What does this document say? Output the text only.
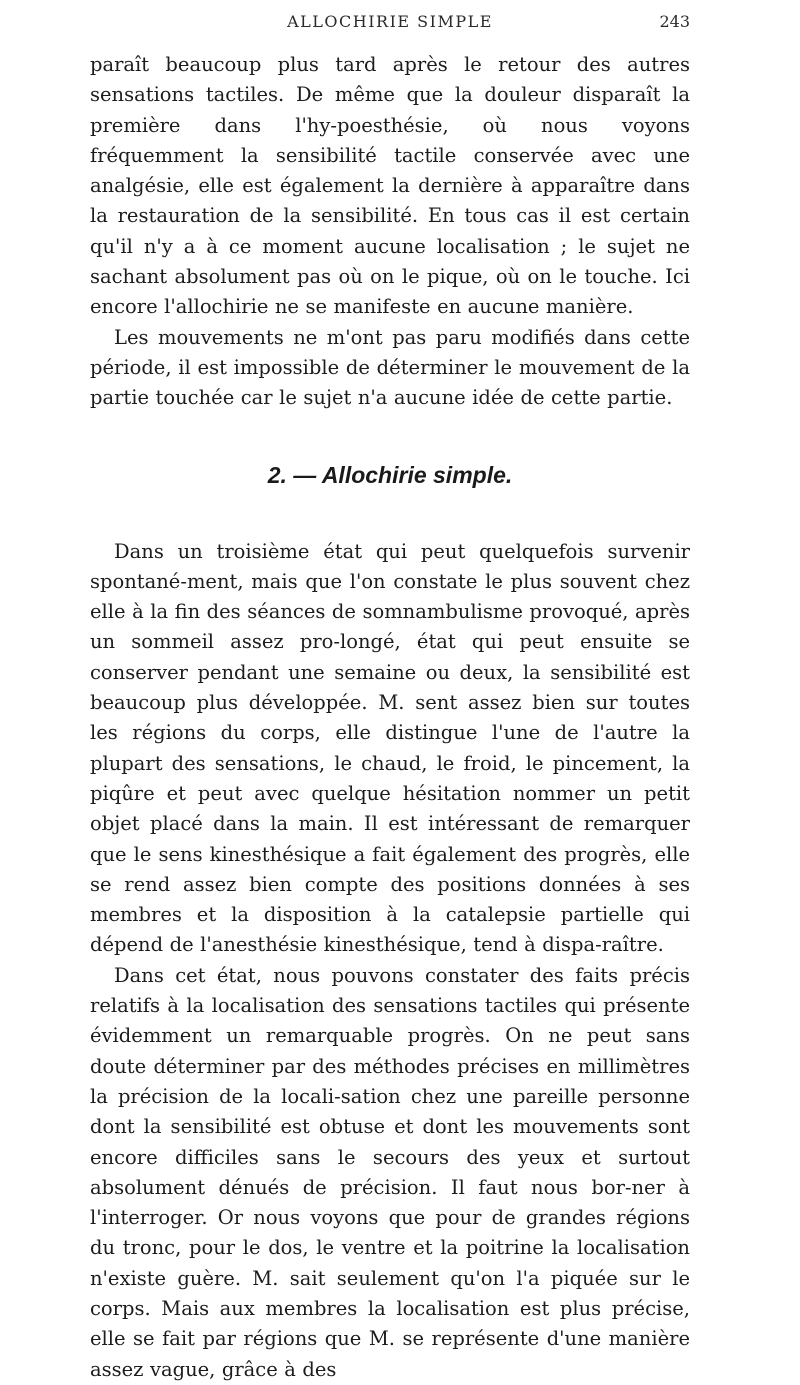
ALLOCHIRIE SIMPLE	243

paraît beaucoup plus tard après le retour des autres sensations tactiles. De même que la douleur disparaît la première dans l'hy-poesthésie, où nous voyons fréquemment la sensibilité tactile conservée avec une analgésie, elle est également la dernière à apparaître dans la restauration de la sensibilité. En tous cas il est certain qu'il n'y a à ce moment aucune localisation ; le sujet ne sachant absolument pas où on le pique, où on le touche. Ici encore l'allochirie ne se manifeste en aucune manière.

Les mouvements ne m'ont pas paru modifiés dans cette période, il est impossible de déterminer le mouvement de la partie touchée car le sujet n'a aucune idée de cette partie.

2. — Allochirie simple.

Dans un troisième état qui peut quelquefois survenir spontané-ment, mais que l'on constate le plus souvent chez elle à la fin des séances de somnambulisme provoqué, après un sommeil assez pro-longé, état qui peut ensuite se conserver pendant une semaine ou deux, la sensibilité est beaucoup plus développée. M. sent assez bien sur toutes les régions du corps, elle distingue l'une de l'autre la plupart des sensations, le chaud, le froid, le pincement, la piqûre et peut avec quelque hésitation nommer un petit objet placé dans la main. Il est intéressant de remarquer que le sens kinesthésique a fait également des progrès, elle se rend assez bien compte des positions données à ses membres et la disposition à la catalepsie partielle qui dépend de l'anesthésie kinesthésique, tend à dispa-raître.

Dans cet état, nous pouvons constater des faits précis relatifs à la localisation des sensations tactiles qui présente évidemment un remarquable progrès. On ne peut sans doute déterminer par des méthodes précises en millimètres la précision de la locali-sation chez une pareille personne dont la sensibilité est obtuse et dont les mouvements sont encore difficiles sans le secours des yeux et surtout absolument dénués de précision. Il faut nous bor-ner à l'interroger. Or nous voyons que pour de grandes régions du tronc, pour le dos, le ventre et la poitrine la localisation n'existe guère. M. sait seulement qu'on l'a piquée sur le corps. Mais aux membres la localisation est plus précise, elle se fait par régions que M. se représente d'une manière assez vague, grâce à des
